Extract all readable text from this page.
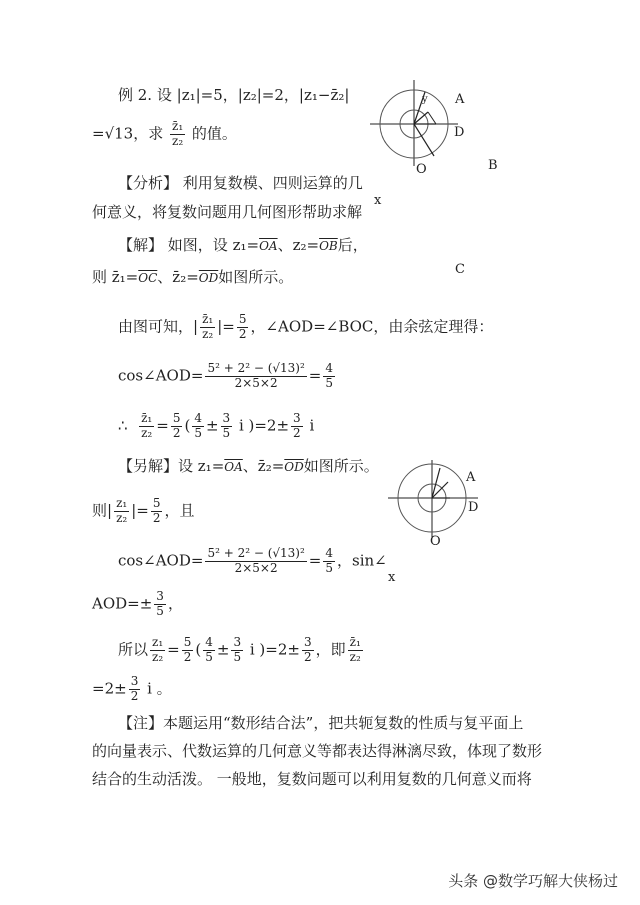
例 2. 设 |z₁|=5，|z₂|=2，|z₁−z̄₂|
=√13，求 $\frac{\text{z̄₁}}{\text{z₂}}$ 的值。
【分析】 利用复数模、四则运算的几
何意义，将复数问题用几何图形帮助求解
【解】 如图，设 $z_1=\overline{OA}$、$z_2=\overline{OB}$后，
则 $z̄_1=\overline{OC}$、$z̄_2=\overline{OD}$如图所示。
由图可知，| $\frac{\text{z̄₁}}{\text{z₂}}$ |= $\frac{5}{2}$ ，∠AOD=∠BOC，由余弦定理得：
cos∠AOD= $\frac{\text{5² + 2² − (√13)²}}{2\times 5\times 2} = \frac{4}{5}$
∴ $\frac{\text{z̄₁}}{\text{z₂}} = \frac{5}{2}$ ( $\frac{4}{5} \pm \frac{3}{5}$ i )$=2\pm \frac{3}{2}$ i
【另解】设 $z_1=\overline{OA}$、$z̄_2=\overline{OD}$如图所示。
则| $\frac{\text{z₁}}{\text{z₂}}$ |= $\frac{5}{2}$ ，且
cos∠AOD= $\frac{\text{5² + 2² − (√13)²}}{2\times 5\times 2} = \frac{4}{5}$ ，sin∠
$AOD=\pm \frac{3}{5}$ ，
所以 $\frac{\text{z₁}}{\text{z₂}} = \frac{5}{2}$ ( $\frac{4}{5} \pm \frac{3}{5}$ i )$=2\pm \frac{3}{2}$ ，即 $\frac{\text{z̄₁}}{\text{z₂}}$
$=2\pm \frac{3}{2}$ i 。
【注】本题运用“数形结合法”，把共轭复数的性质与复平面上
的向量表示、代数运算的几何意义等都表达得淋漓尽致，体现了数形
结合的生动活泼。 一般地，复数问题可以利用复数的几何意义而将
A
D
O	B
y
x
C
A
D
O
x
头条 @数学巧解大侠杨过
